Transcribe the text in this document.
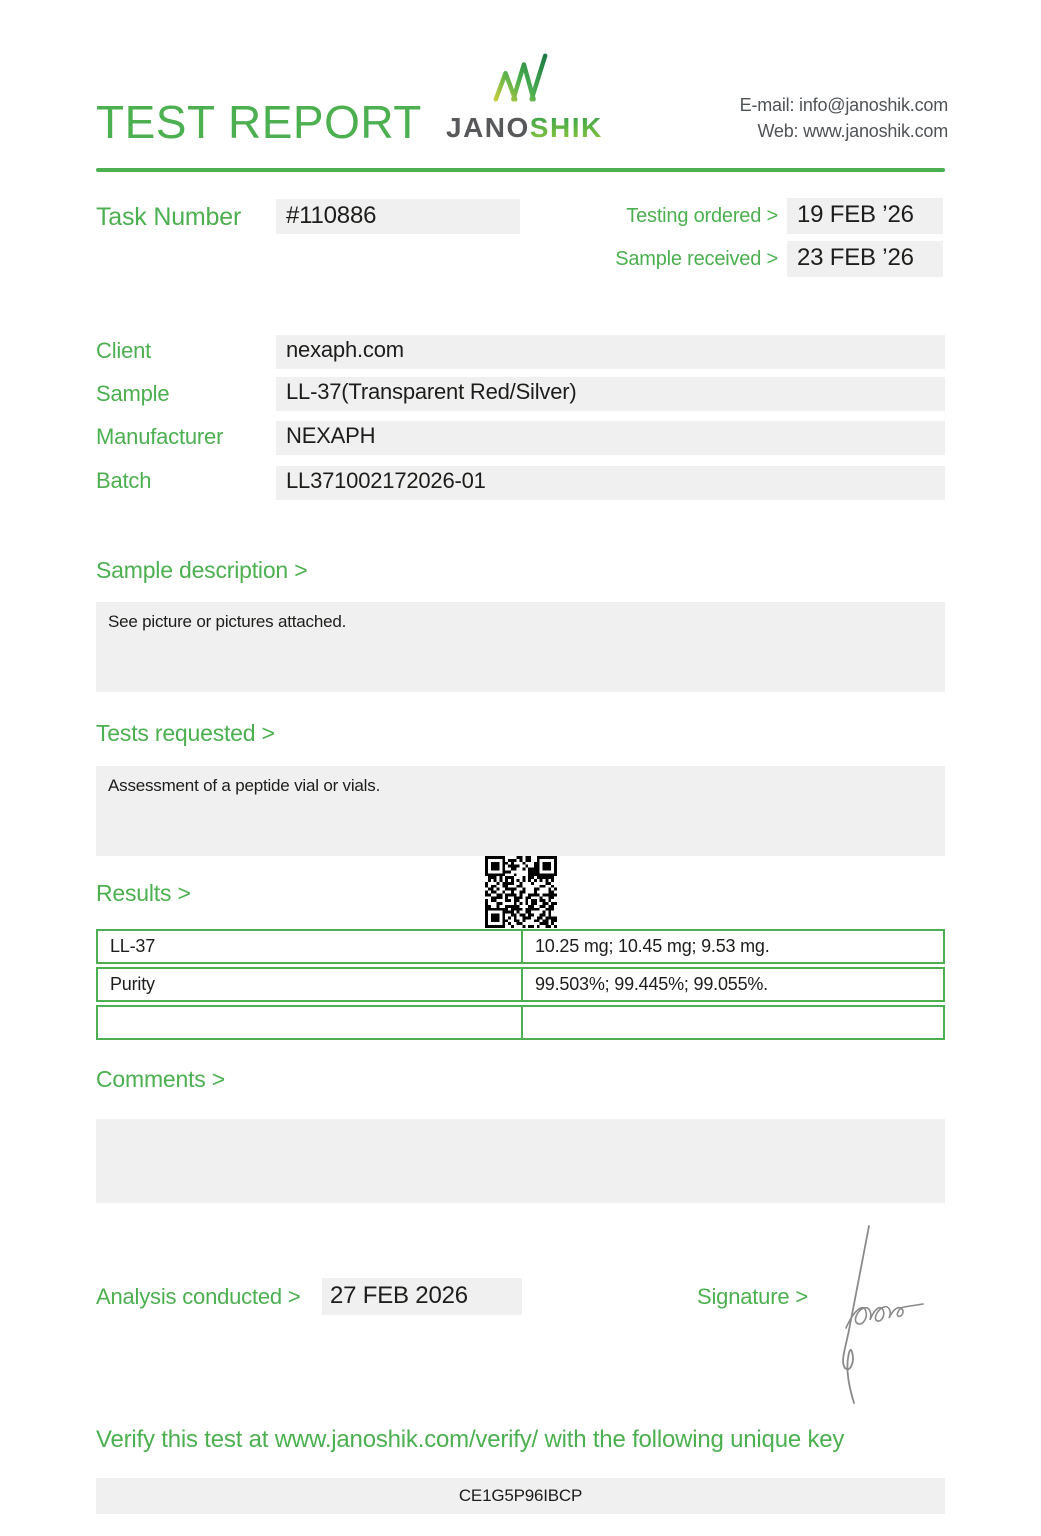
TEST REPORT JANOSHIK
E-mail: info@janoshik.com
Web: www.janoshik.com
Task Number	#110886	Testing ordered > 19 FEB ’26
Sample received > 23 FEB ’26
Client	nexaph.com
Sample	LL-37(Transparent Red/Silver)
Manufacturer	NEXAPH
Batch	LL371002172026-01
Sample description >
See picture or pictures attached.
Tests requested >
Assessment of a peptide vial or vials.
Results >
LL-37	10.25 mg; 10.45 mg; 9.53 mg.
Purity	99.503%; 99.445%; 99.055%.
Comments >
Analysis conducted >	27 FEB 2026	Signature >
Verify this test at www.janoshik.com/verify/ with the following unique key
CE1G5P96IBCP
